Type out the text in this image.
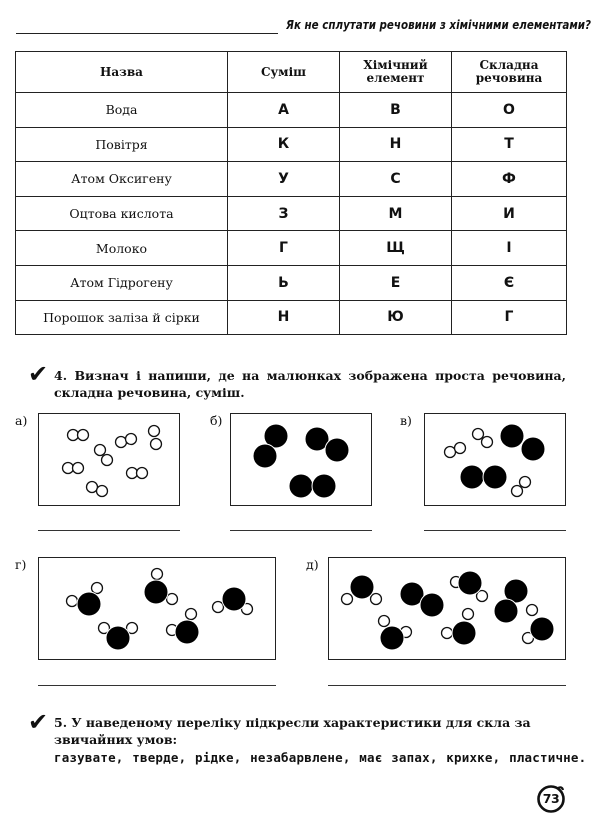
Як не сплутати речовини з хімічними елементами?
Назва	Суміш	Хімічний елемент	Складна речовина

Вода	А	В	О
Повітря	К	Н	Т
Атом Оксигену	У	С	Ф
Оцтова кислота	З	М	И
Молоко	Г	Щ	І
Атом Гідрогену	Ь	Е	Є
Порошок заліза й сірки	Н	Ю	Г
✔ 4. Визнач і напиши, де на малюнках зображена проста речовина, складна речовина, суміш.
а)	б)	в)
г)	д)
✔ 5. У наведеному переліку підкресли характеристики для скла за звичайних умов:
газувате, тверде, рідке, незабарвлене, має запах, крихке, пластичне.
73
